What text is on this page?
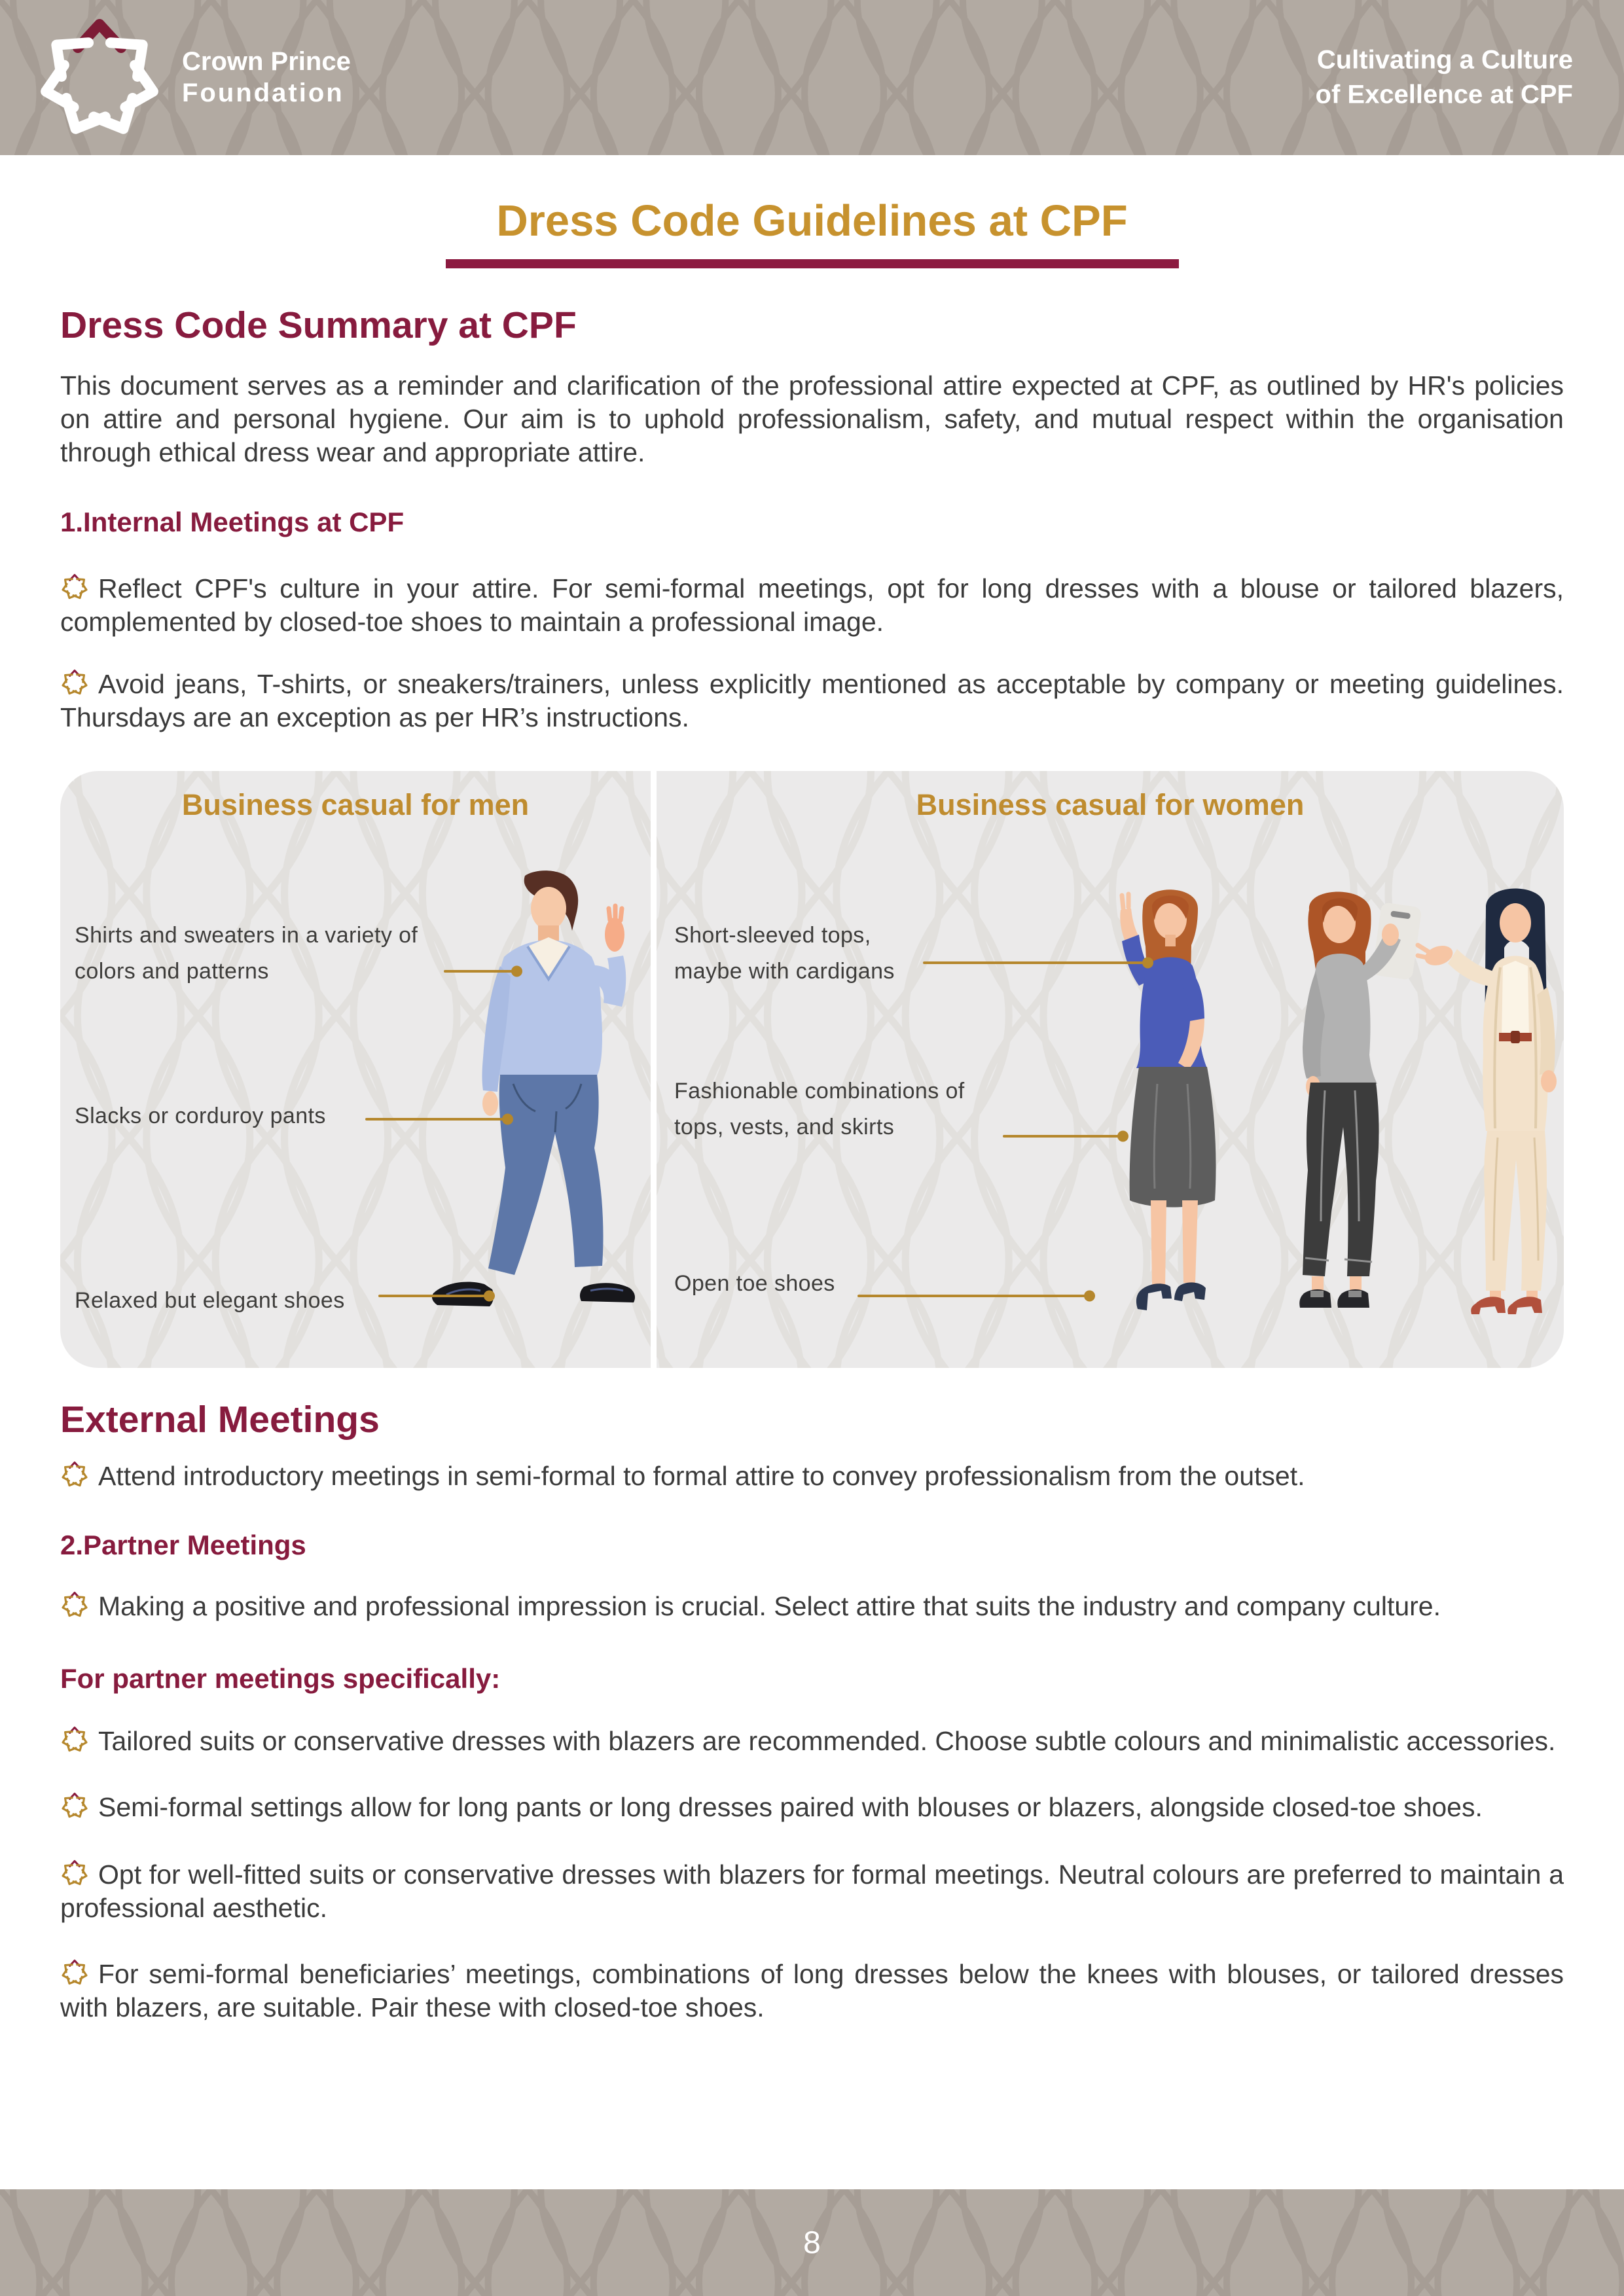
Crown Prince
Foundation
Cultivating a Culture
of Excellence at CPF
Dress Code Guidelines at CPF
Dress Code Summary at CPF

This document serves as a reminder and clarification of the professional attire expected at CPF, as outlined by HR's policies on attire and personal hygiene. Our aim is to uphold professionalism, safety, and mutual respect within the organisation through ethical dress wear and appropriate attire.

1.Internal Meetings at CPF

Reflect CPF's culture in your attire. For semi-formal meetings, opt for long dresses with a blouse or tailored blazers, complemented by closed-toe shoes to maintain a professional image.

Avoid jeans, T-shirts, or sneakers/trainers, unless explicitly mentioned as acceptable by company or meeting guidelines. Thursdays are an exception as per HR’s instructions.

Business casual for men	Business casual for women
Shirts and sweaters in a variety of colors and patterns
Slacks or corduroy pants
Relaxed but elegant shoes
Short-sleeved tops, maybe with cardigans
Fashionable combinations of tops, vests, and skirts
Open toe shoes
External Meetings

Attend introductory meetings in semi-formal to formal attire to convey professionalism from the outset.

2.Partner Meetings

Making a positive and professional impression is crucial. Select attire that suits the industry and company culture.

For partner meetings specifically:

Tailored suits or conservative dresses with blazers are recommended. Choose subtle colours and minimalistic accessories.

Semi-formal settings allow for long pants or long dresses paired with blouses or blazers, alongside closed-toe shoes.

Opt for well-fitted suits or conservative dresses with blazers for formal meetings. Neutral colours are preferred to maintain a professional aesthetic.

For semi-formal beneficiaries’ meetings, combinations of long dresses below the knees with blouses, or tailored dresses with blazers, are suitable. Pair these with closed-toe shoes.

8
